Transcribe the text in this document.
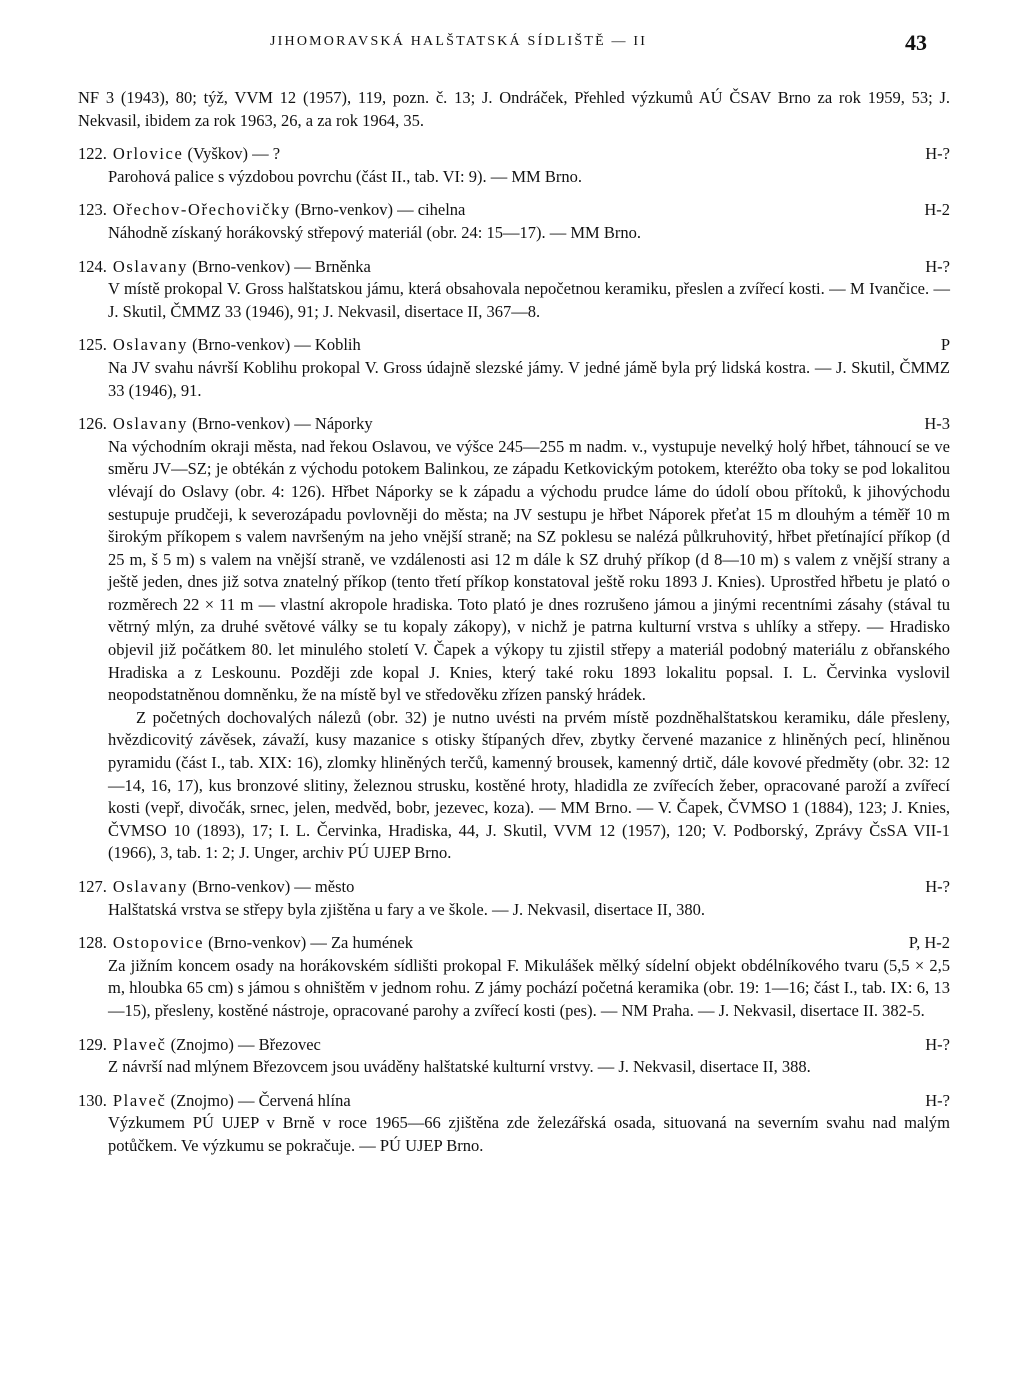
JIHOMORAVSKÁ HALŠTATSKÁ SÍDLIŠTĚ — II	43

NF 3 (1943), 80; týž, VVM 12 (1957), 119, pozn. č. 13; J. Ondráček, Přehled výzkumů AÚ ČSAV Brno za rok 1959, 53; J. Nekvasil, ibidem za rok 1963, 26, a za rok 1964, 35.

122. Orlovice (Vyškov) — ?	H-?

Parohová palice s výzdobou povrchu (část II., tab. VI: 9). — MM Brno.

123. Ořechov-Ořechovičky (Brno-venkov) — cihelna	H-2

Náhodně získaný horákovský střepový materiál (obr. 24: 15—17). — MM Brno.

124. Oslavany (Brno-venkov) — Brněnka	H-?

V místě prokopal V. Gross halštatskou jámu, která obsahovala nepočetnou keramiku, přeslen a zvířecí kosti. — M Ivančice. — J. Skutil, ČMMZ 33 (1946), 91; J. Nekvasil, disertace II, 367—8.

125. Oslavany (Brno-venkov) — Koblih	P

Na JV svahu návrší Koblihu prokopal V. Gross údajně slezské jámy. V jedné jámě byla prý lidská kostra. — J. Skutil, ČMMZ 33 (1946), 91.

126. Oslavany (Brno-venkov) — Náporky	H-3

Na východním okraji města, nad řekou Oslavou, ve výšce 245—255 m nadm. v., vystupuje nevelký holý hřbet, táhnoucí se ve směru JV—SZ; je obtékán z východu potokem Balinkou, ze západu Ketkovickým potokem, kteréžto oba toky se pod lokalitou vlévají do Oslavy (obr. 4: 126). Hřbet Náporky se k západu a východu prudce láme do údolí obou přítoků, k jihovýchodu sestupuje prudčeji, k severozápadu povlovněji do města; na JV sestupu je hřbet Náporek přeťat 15 m dlouhým a téměř 10 m širokým příkopem s valem navršeným na jeho vnější straně; na SZ poklesu se nalézá půlkruhovitý, hřbet přetínající příkop (d 25 m, š 5 m) s valem na vnější straně, ve vzdálenosti asi 12 m dále k SZ druhý příkop (d 8—10 m) s valem z vnější strany a ještě jeden, dnes již sotva znatelný příkop (tento třetí příkop konstatoval ještě roku 1893 J. Knies). Uprostřed hřbetu je plató o rozměrech 22 × 11 m — vlastní akropole hradiska. Toto plató je dnes rozrušeno jámou a jinými recentními zásahy (stával tu větrný mlýn, za druhé světové války se tu kopaly zákopy), v nichž je patrna kulturní vrstva s uhlíky a střepy. — Hradisko objevil již počátkem 80. let minulého století V. Čapek a výkopy tu zjistil střepy a materiál podobný materiálu z obřanského Hradiska a z Leskounu. Později zde kopal J. Knies, který také roku 1893 lokalitu popsal. I. L. Červinka vyslovil neopodstatněnou domněnku, že na místě byl ve středověku zřízen panský hrádek.

Z početných dochovalých nálezů (obr. 32) je nutno uvésti na prvém místě pozdněhalštatskou keramiku, dále přesleny, hvězdicovitý závěsek, závaží, kusy mazanice s otisky štípaných dřev, zbytky červené mazanice z hliněných pecí, hliněnou pyramidu (část I., tab. XIX: 16), zlomky hliněných terčů, kamenný brousek, kamenný drtič, dále kovové předměty (obr. 32: 12—14, 16, 17), kus bronzové slitiny, železnou strusku, kostěné hroty, hladidla ze zvířecích žeber, opracované paroží a zvířecí kosti (vepř, divočák, srnec, jelen, medvěd, bobr, jezevec, koza). — MM Brno. — V. Čapek, ČVMSO 1 (1884), 123; J. Knies, ČVMSO 10 (1893), 17; I. L. Červinka, Hradiska, 44, J. Skutil, VVM 12 (1957), 120; V. Podborský, Zprávy ČsSA VII-1 (1966), 3, tab. 1: 2; J. Unger, archiv PÚ UJEP Brno.

127. Oslavany (Brno-venkov) — město	H-?

Halštatská vrstva se střepy byla zjištěna u fary a ve škole. — J. Nekvasil, disertace II, 380.

128. Ostopovice (Brno-venkov) — Za humének	P, H-2

Za jižním koncem osady na horákovském sídlišti prokopal F. Mikulášek mělký sídelní objekt obdélníkového tvaru (5,5 × 2,5 m, hloubka 65 cm) s jámou s ohništěm v jednom rohu. Z jámy pochází početná keramika (obr. 19: 1—16; část I., tab. IX: 6, 13—15), přesleny, kostěné nástroje, opracované parohy a zvířecí kosti (pes). — NM Praha. — J. Nekvasil, disertace II. 382-5.

129. Plaveč (Znojmo) — Březovec	H-?

Z návrší nad mlýnem Březovcem jsou uváděny halštatské kulturní vrstvy. — J. Nekvasil, disertace II, 388.

130. Plaveč (Znojmo) — Červená hlína	H-?

Výzkumem PÚ UJEP v Brně v roce 1965—66 zjištěna zde železářská osada, situovaná na severním svahu nad malým potůčkem. Ve výzkumu se pokračuje. — PÚ UJEP Brno.
